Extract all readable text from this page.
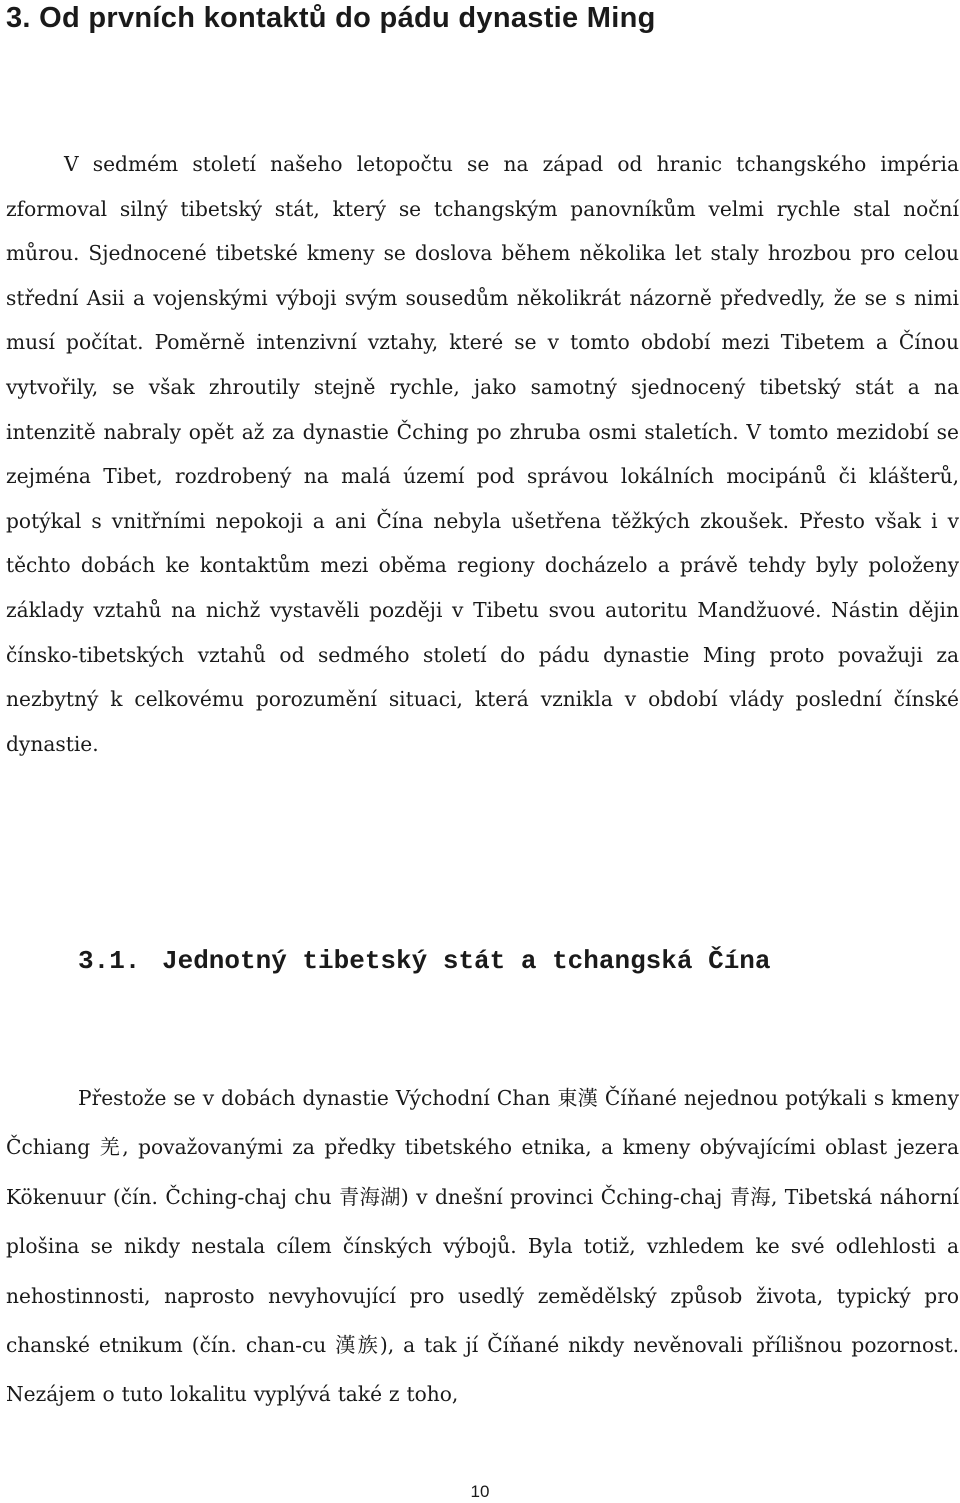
3. Od prvních kontaktů do pádu dynastie Ming

V sedmém století našeho letopočtu se na západ od hranic tchangského impéria zformoval silný tibetský stát, který se tchangským panovníkům velmi rychle stal noční můrou. Sjednocené tibetské kmeny se doslova během několika let staly hrozbou pro celou střední Asii a vojenskými výboji svým sousedům několikrát názorně předvedly, že se s nimi musí počítat. Poměrně intenzivní vztahy, které se v tomto období mezi Tibetem a Čínou vytvořily, se však zhroutily stejně rychle, jako samotný sjednocený tibetský stát a na intenzitě nabraly opět až za dynastie Čching po zhruba osmi staletích. V tomto mezidobí se zejména Tibet, rozdrobený na malá území pod správou lokálních mocipánů či klášterů, potýkal s vnitřními nepokoji a ani Čína nebyla ušetřena těžkých zkoušek. Přesto však i v těchto dobách ke kontaktům mezi oběma regiony docházelo a právě tehdy byly položeny základy vztahů na nichž vystavěli později v Tibetu svou autoritu Mandžuové. Nástin dějin čínsko-tibetských vztahů od sedmého století do pádu dynastie Ming proto považuji za nezbytný k celkovému porozumění situaci, která vznikla v období vlády poslední čínské dynastie.

3.1. Jednotný tibetský stát a tchangská Čína

Přestože se v dobách dynastie Východní Chan 東漢 Číňané nejednou potýkali s kmeny Čchiang 羌, považovanými za předky tibetského etnika, a kmeny obývajícími oblast jezera Kökenuur (čín. Čching-chaj chu 青海湖) v dnešní provinci Čching-chaj 青海, Tibetská náhorní plošina se nikdy nestala cílem čínských výbojů. Byla totiž, vzhledem ke své odlehlosti a nehostinnosti, naprosto nevyhovující pro usedlý zemědělský způsob života, typický pro chanské etnikum (čín. chan-cu 漢族), a tak jí Číňané nikdy nevěnovali přílišnou pozornost. Nezájem o tuto lokalitu vyplývá také z toho,

10
